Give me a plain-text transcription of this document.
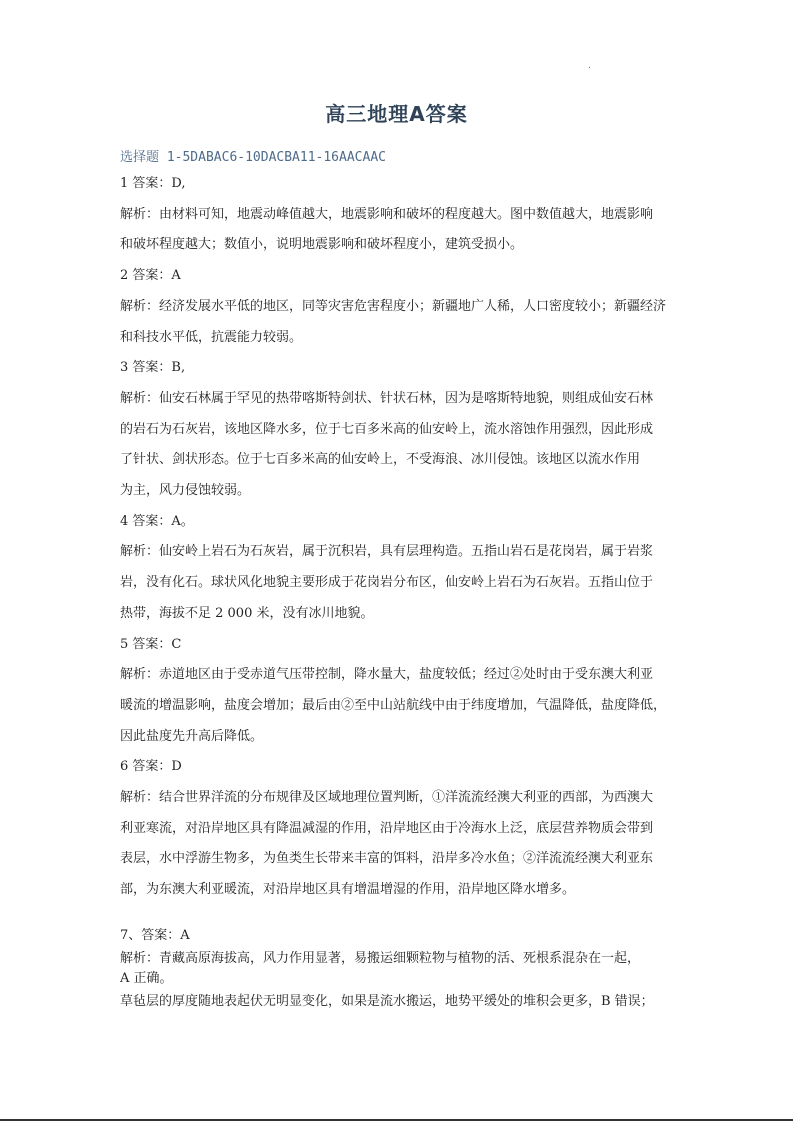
.
高三地理A答案
选择题 1-5DABAC6-10DACBA11-16AACAAC

1 答案：D,

解析：由材料可知，地震动峰值越大，地震影响和破坏的程度越大。图中数值越大，地震影响

和破坏程度越大；数值小，说明地震影响和破坏程度小，建筑受损小。

2 答案：A

解析：经济发展水平低的地区，同等灾害危害程度小；新疆地广人稀，人口密度较小；新疆经济

和科技水平低，抗震能力较弱。

3 答案：B,

解析：仙安石林属于罕见的热带喀斯特剑状、针状石林，因为是喀斯特地貌，则组成仙安石林

的岩石为石灰岩，该地区降水多，位于七百多米高的仙安岭上，流水溶蚀作用强烈，因此形成

了针状、剑状形态。位于七百多米高的仙安岭上，不受海浪、冰川侵蚀。该地区以流水作用

为主，风力侵蚀较弱。

4 答案：A。

解析：仙安岭上岩石为石灰岩，属于沉积岩，具有层理构造。五指山岩石是花岗岩，属于岩浆

岩，没有化石。球状风化地貌主要形成于花岗岩分布区，仙安岭上岩石为石灰岩。五指山位于

热带，海拔不足 2 000 米，没有冰川地貌。

5 答案：C

解析：赤道地区由于受赤道气压带控制，降水量大，盐度较低；经过②处时由于受东澳大利亚

暖流的增温影响，盐度会增加；最后由②至中山站航线中由于纬度增加，气温降低，盐度降低，

因此盐度先升高后降低。

6 答案：D

解析：结合世界洋流的分布规律及区域地理位置判断，①洋流流经澳大利亚的西部，为西澳大

利亚寒流，对沿岸地区具有降温减湿的作用，沿岸地区由于冷海水上泛，底层营养物质会带到

表层，水中浮游生物多，为鱼类生长带来丰富的饵料，沿岸多冷水鱼；②洋流流经澳大利亚东

部，为东澳大利亚暖流，对沿岸地区具有增温增湿的作用，沿岸地区降水增多。

7、答案：A

解析：青藏高原海拔高，风力作用显著，易搬运细颗粒物与植物的活、死根系混杂在一起，

A 正确。

草毡层的厚度随地表起伏无明显变化，如果是流水搬运，地势平缓处的堆积会更多，B 错误；
